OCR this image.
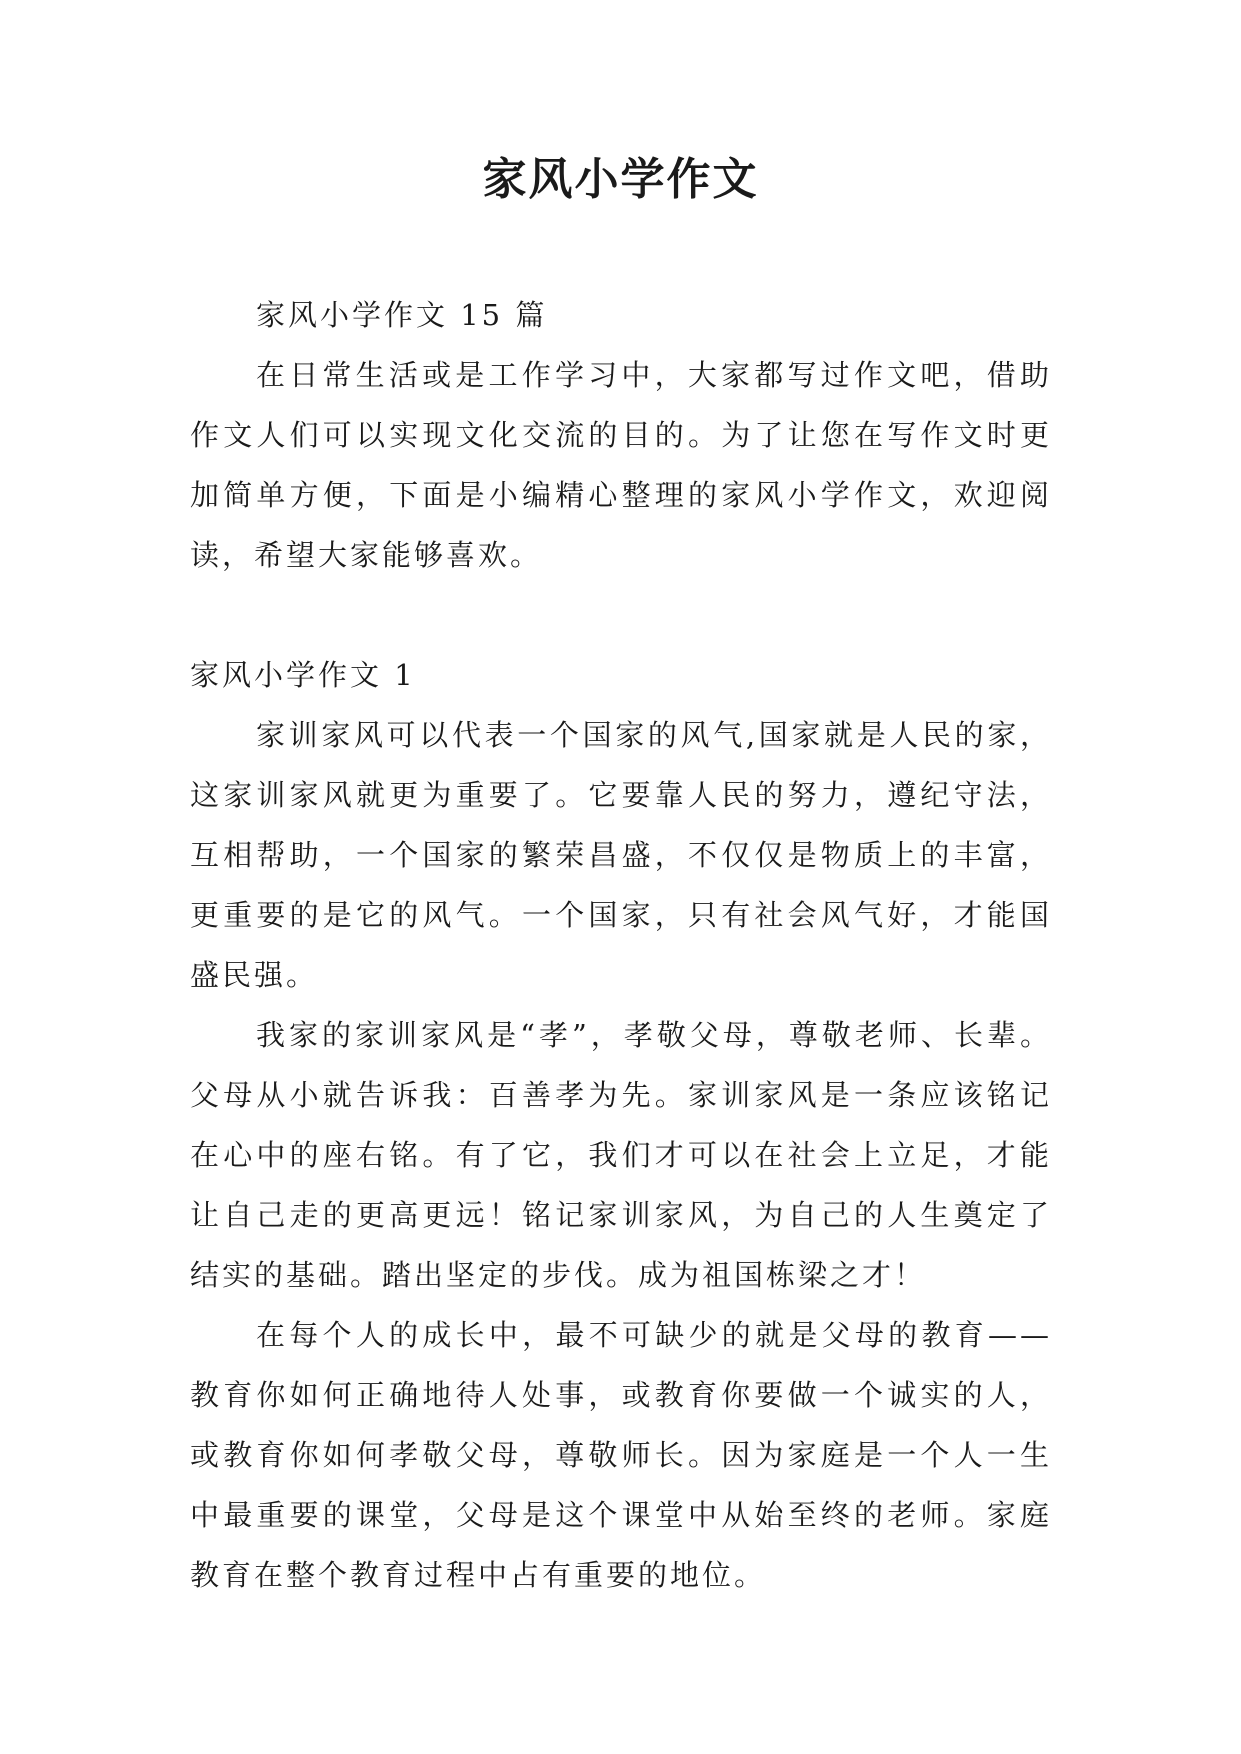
家风小学作文

家风小学作文 15 篇

在日常生活或是工作学习中，大家都写过作文吧，借助作文人们可以实现文化交流的目的。为了让您在写作文时更加简单方便，下面是小编精心整理的家风小学作文，欢迎阅读，希望大家能够喜欢。

家风小学作文 1

家训家风可以代表一个国家的风气,国家就是人民的家，这家训家风就更为重要了。它要靠人民的努力，遵纪守法，互相帮助，一个国家的繁荣昌盛，不仅仅是物质上的丰富，更重要的是它的风气。一个国家，只有社会风气好，才能国盛民强。

我家的家训家风是“孝”，孝敬父母，尊敬老师、长辈。父母从小就告诉我：百善孝为先。家训家风是一条应该铭记在心中的座右铭。有了它，我们才可以在社会上立足，才能让自己走的更高更远！铭记家训家风，为自己的人生奠定了结实的基础。踏出坚定的步伐。成为祖国栋梁之才！

在每个人的成长中，最不可缺少的就是父母的教育——教育你如何正确地待人处事，或教育你要做一个诚实的人，或教育你如何孝敬父母，尊敬师长。因为家庭是一个人一生中最重要的课堂，父母是这个课堂中从始至终的老师。家庭教育在整个教育过程中占有重要的地位。
